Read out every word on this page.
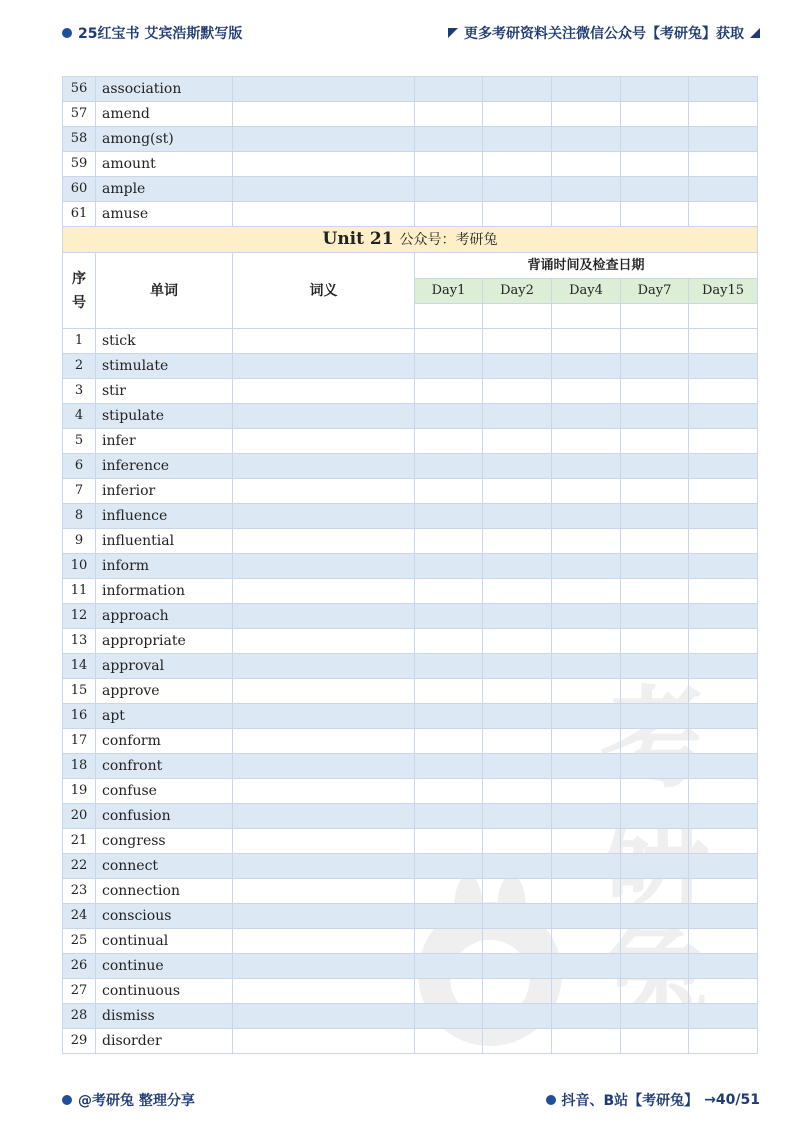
25红宝书 艾宾浩斯默写版	更多考研资料关注微信公众号【考研兔】获取
考
56	association						
57	amend						
58	among(st)						
59	amount						
60	ample						
61	amuse						
Unit 21 公众号：考研兔							
序号	单词	词义	背诵时间及检查日期				
			Day1	Day2	Day4	Day7	Day15

1	stick						
2	stimulate						
3	stir						
4	stipulate						
5	infer						
6	inference						
7	inferior						
8	influence						
9	influential						
10	inform						
11	information						
12	approach						
13	appropriate						
14	approval						
15	approve						
16	apt						
17	conform						
18	confront						
19	confuse						
20	confusion						
21	congress						
22	connect						
23	connection						
24	conscious						
25	continual						
26	continue						
27	continuous						
28	dismiss						
29	disorder						
@考研兔 整理分享	抖音、B站【考研兔】 →40/51
